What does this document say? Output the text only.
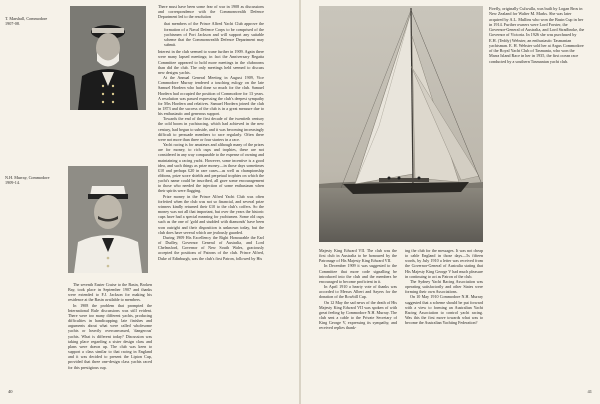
T. Marshall, Commodore
1907-08.
N.H. Murray, Commodore
1909-14.

There must have been some fear of war in 1908 as discussions and correspondence with the Commonwealth Defence Department led to the resolution

that members of the Prince Alfred Yacht Club approve the formation of a Naval Defence Corps to be comprised of the yachtsmen of Port Jackson and will support any suitable scheme that the Commonwealth Defence Department may submit.

Interest in the club seemed to wane further in 1909. Again there were many lapsed meetings; in fact the Anniversary Regatta Committee appeared to hold more meetings in the clubrooms than did the club. The only meetings held seemed to discuss new designs yachts.

At the Annual General Meeting in August 1909, Vice Commodore Murray tendered a touching eulogy on the late Samuel Hordern who had done so much for the club. Samuel Hordern had occupied the position of Commodore for 13 years. A resolution was passed expressing the club's deepest sympathy for Mrs Hordern and relatives. Samuel Hordern joined the club in 1873 and the success of the club is in a great measure due to his enthusiastic and generous support.

Towards the end of the first decade of the twentieth century the cold boom in yachtracing, which had achieved in the new century, had begun to subside, and it was becoming increasingly difficult to persuade members to race regularly. Often there were not more than three or four starters in a race.

Yacht racing is for amateurs and although many of the prizes are for money, to rich cups and trophies, these are not considered in any way comparable to the expense of owning and maintaining a racing yacht. However, some incentive is a good idea, and such things as prize money—in those days sometimes £10 and perhaps £20 in rare cases—as well as championship ribbons, prize score shields and perpetual trophies on which the yacht's name could be inscribed, all gave some encouragement to those who needed the injection of some enthusiasm when their spirits were flagging.

Prize money in the Prince Alfred Yacht Club was often forfeited when the club was not so financial, and several prize winners kindly returned their £10 to the club's coffers. So the money was not all that important, but over the years the historic cups have had a special meaning for yachtsmen. Some old cups such as the one of 'gold and studded with diamonds' have been won outright and their disposition is unknown today, but the club does have several which are jealously guarded.

During 1909 His Excellency the Right Honourable the Earl of Dudley, Governor General of Australia, and Lord Chelmsford, Governor of New South Wales, graciously accepted the positions of Patrons of the club. Prince Alfred, Duke of Edinburgh, was the club's first Patron, followed by His

The seventh Easter Cruise to the Basin, Broken Bay, took place in September 1907 and thanks were extended to F.J. Jackson for making his residence at the Basin available to members.

In 1908 the problem that prompted the International Rule discussions was still evident. There were too many different yachts, producing difficulties in handicapping; late finishes and arguments about what were called wholesome yachts or heavily overcanvassed, 'dangerous' yachts. What is different today? Discussion was taking place regarding a sister design class and plans were drawn up. The club was keen to support a class similar to that racing in England and it was decided to present the Lipton Cup, provided that three one-design class yachts raced for this prestigious cup.

40
Firefly, originally Culwulla, was built by Logan Bros in New Zealand for Walter M. Marks. She was later acquired by A.L. Mullins who won the Basin Cup in her in 1914. Further owners were Lord Forster, the Governor-General of Australia, and Lord Stradbroke, the Governor of Victoria. In 1926 she was purchased by E.H. (Teddy) Webster, an enthusiastic Tasmanian yachtsman. E. H. Webster sold her at Argus Commodore of the Royal Yacht Club of Tasmania, who won the Marra Island Race in her in 1935, the first ocean race conducted by a southern Tasmanian yacht club.

Majesty King Edward VII. The club was the first club in Australia to be honoured by the Patronage of His Majesty King Edward VII.

In December 1909 it was suggested to the Committee that more code signalling be introduced into the club and the members be encouraged to become proficient in it.

In April 1910 a hearty vote of thanks was accorded to Messrs Albert and Sayers for the donation of the Rowbill Cup.

On 12 May the sad news of the death of His Majesty King Edward VII was spoken of with great feeling by Commodore N.H. Murray. The club sent a cable to the Private Secretary of King George V, expressing its sympathy, and received replies thank-

ing the club for the messages. It was not cheap to cable England in those days—5s fifteen words, by July 1910 a letter was received from the Governor-General of Australia stating that His Majesty King George V had much pleasure in continuing to act as Patron of the club.

The Sydney Yacht Racing Association was operating satisfactorily and other States were forming their own Associations.

On 10 May 1910 Commodore N.H. Murray suggested that a scheme should be put forward with a view to forming an Australian Yacht Racing Association to control yacht racing. Was this the first move towards what was to become the Australian Yachting Federation?

41
